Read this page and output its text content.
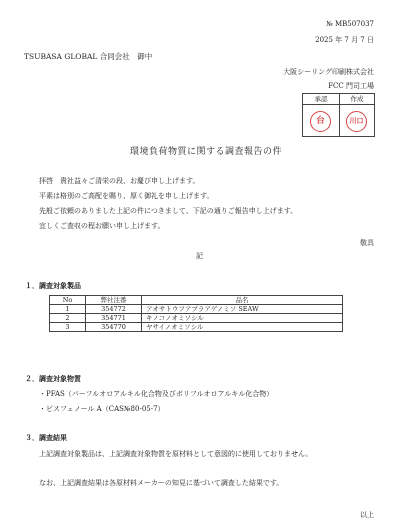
№ MB507037
2025 年 7 月 7 日
TSUBASA GLOBAL 合同会社　御中
大阪シーリング印刷株式会社
FCC 門司工場
承認	作成
台	川口
環境負荷物質に関する調査報告の件
拝啓　貴社益々ご清栄の段、お慶び申し上げます。
平素は格別のご高配を賜り、厚く御礼を申し上げます。
先般ご依頼のありました上記の件につきまして、下記の通りご報告申し上げます。
宜しくご査収の程お願い申し上げます。
敬具
記
１．調査対象製品
No	弊社注番	品名
1	354772	アオサトウフアプラアゲノミソ SEAW
2	354771	キノコノオミソシル
3	354770	ヤサイノオミソシル
２．調査対象物質
・PFAS（パーフルオロアルキル化合物及びポリフルオロアルキル化合物）
・ビスフェノール A（CAS№80-05-7）
３．調査結果
上記調査対象製品は、上記調査対象物質を原材料として意図的に使用しておりません。
なお、上記調査結果は各原材料メーカーの知見に基づいて調査した結果です。
以上
